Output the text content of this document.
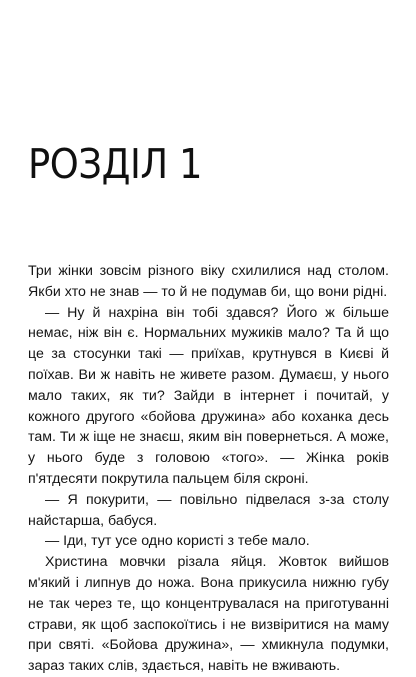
РОЗДІЛ 1

Три жінки зовсім різного віку схилилися над столом. Якби хто не знав — то й не подумав би, що вони рідні.

— Ну й нахріна він тобі здався? Його ж більше немає, ніж він є. Нормальних мужиків мало? Та й що це за стосунки такі — приїхав, крутнувся в Києві й поїхав. Ви ж навіть не живете разом. Думаєш, у нього мало таких, як ти? Зайди в інтернет і почитай, у кожного другого «бойова дружина» або коханка десь там. Ти ж іще не знаєш, яким він повернеться. А може, у нього буде з головою «того». — Жінка років п'ятдесяти покрутила пальцем біля скроні.

— Я покурити, — повільно підвелася з-за столу найстарша, бабуся.

— Іди, тут усе одно користі з тебе мало.

Христина мовчки різала яйця. Жовток вийшов м'який і липнув до ножа. Вона прикусила нижню губу не так через те, що концентрувалася на приготуванні страви, як щоб заспокоїтись і не визвіритися на маму при святі. «Бойова дружина», — хмикнула подумки, зараз таких слів, здається, навіть не вживають.
